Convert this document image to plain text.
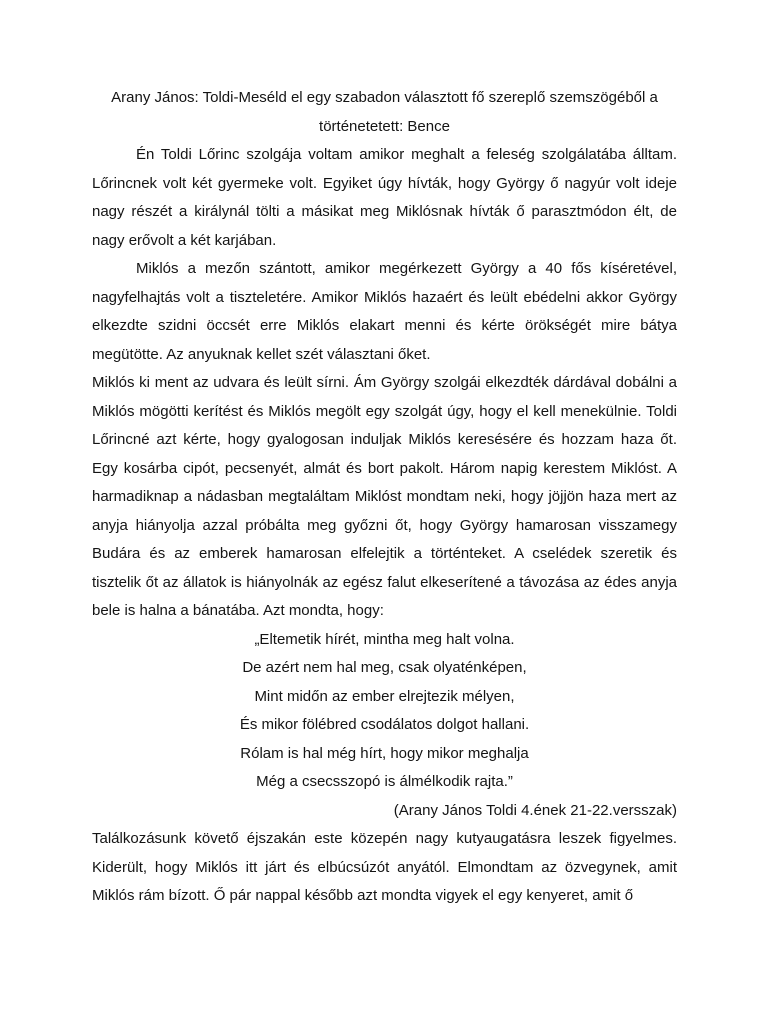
Arany János: Toldi-Meséld el egy szabadon választott fő szereplő szemszögéből a történetetett: Bence

Én Toldi Lőrinc szolgája voltam amikor meghalt a feleség szolgálatába álltam. Lőrincnek volt két gyermeke volt. Egyiket úgy hívták, hogy György ő nagyúr volt ideje nagy részét a királynál tölti a másikat meg Miklósnak hívták ő parasztmódon élt, de nagy erővolt a két karjában.

Miklós a mezőn szántott, amikor megérkezett György a 40 fős kíséretével, nagyfelhajtás volt a tiszteletére. Amikor Miklós hazaért és leült ebédelni akkor György elkezdte szidni öccsét erre Miklós elakart menni és kérte örökségét mire bátya megütötte. Az anyuknak kellet szét választani őket.

Miklós ki ment az udvara és leült sírni. Ám György szolgái elkezdték dárdával dobálni a Miklós mögötti kerítést és Miklós megölt egy szolgát úgy, hogy el kell menekülnie. Toldi Lőrincné azt kérte, hogy gyalogosan induljak Miklós keresésére és hozzam haza őt. Egy kosárba cipót, pecsenyét, almát és bort pakolt. Három napig kerestem Miklóst. A harmadiknap a nádasban megtaláltam Miklóst mondtam neki, hogy jöjjön haza mert az anyja hiányolja azzal próbálta meg győzni őt, hogy György hamarosan visszamegy Budára és az emberek hamarosan elfelejtik a történteket. A cselédek szeretik és tisztelik őt az állatok is hiányolnák az egész falut elkeserítené a távozása az édes anyja bele is halna a bánatába. Azt mondta, hogy:

„Eltemetik hírét, mintha meg halt volna.
De azért nem hal meg, csak olyaténképen,
Mint midőn az ember elrejtezik mélyen,
És mikor fölébred csodálatos dolgot hallani.
Rólam is hal még hírt, hogy mikor meghalja
Még a csecsszopó is álmélkodik rajta.”

(Arany János Toldi 4.ének 21-22.versszak)

Találkozásunk követő éjszakán este közepén nagy kutyaugatásra leszek figyelmes. Kiderült, hogy Miklós itt járt és elbúcsúzót anyától. Elmondtam az özvegynek, amit Miklós rám bízott. Ő pár nappal később azt mondta vigyek el egy kenyeret, amit ő
